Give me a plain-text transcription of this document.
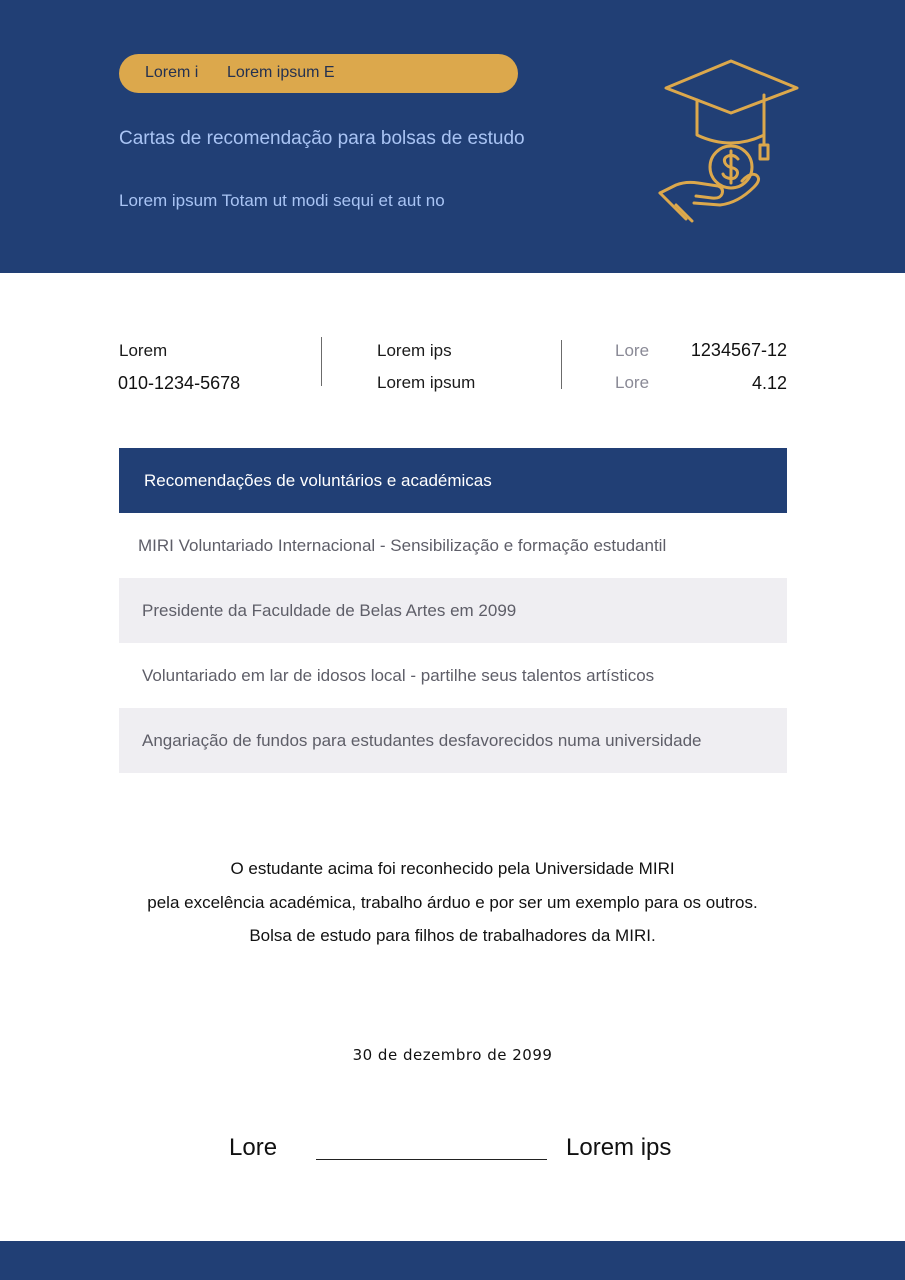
Lorem i Lorem ipsum E
Cartas de recomendação para bolsas de estudo
Lorem ipsum Totam ut modi sequi et aut no
Lorem
010-1234-5678
Lorem ips
Lorem ipsum
Lore 1234567-12
Lore	4.12
Recomendações de voluntários e académicas
MIRI Voluntariado Internacional - Sensibilização e formação estudantil
Presidente da Faculdade de Belas Artes em 2099
Voluntariado em lar de idosos local - partilhe seus talentos artísticos
Angariação de fundos para estudantes desfavorecidos numa universidade
O estudante acima foi reconhecido pela Universidade MIRI
pela excelência académica, trabalho árduo e por ser um exemplo para os outros.
Bolsa de estudo para filhos de trabalhadores da MIRI.
30 de dezembro de 2099
Lore	Lorem ips
